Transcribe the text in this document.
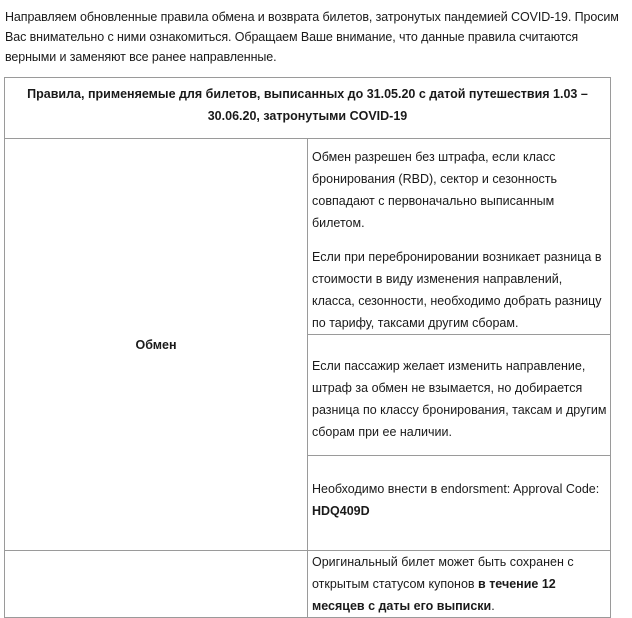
Направляем обновленные правила обмена и возврата билетов, затронутых пандемией COVID-19. Просим Вас внимательно с ними ознакомиться. Обращаем Ваше внимание, что данные правила считаются верными и заменяют все ранее направленные.
Правила, применяемые для билетов, выписанных до 31.05.20 с датой путешествия 1.03 – 30.06.20, затронутыми COVID-19	
Обмен	Обмен разрешен без штрафа, если класс бронирования (RBD), сектор и сезонность совпадают с первоначально выписанным билетом.

Если при перебронировании возникает разница в стоимости в виду изменения направлений, класса, сезонности, необходимо добрать разницу по тарифу, таксами другим сборам.

	Если пассажир желает изменить направление, штраф за обмен не взымается, но добирается разница по классу бронирования, таксам и другим сборам при ее наличии.

	Необходимо внести в endorsment: Approval Code: HDQ409D

	Оригинальный билет может быть сохранен с открытым статусом купонов в течение 12 месяцев с даты его выписки.
